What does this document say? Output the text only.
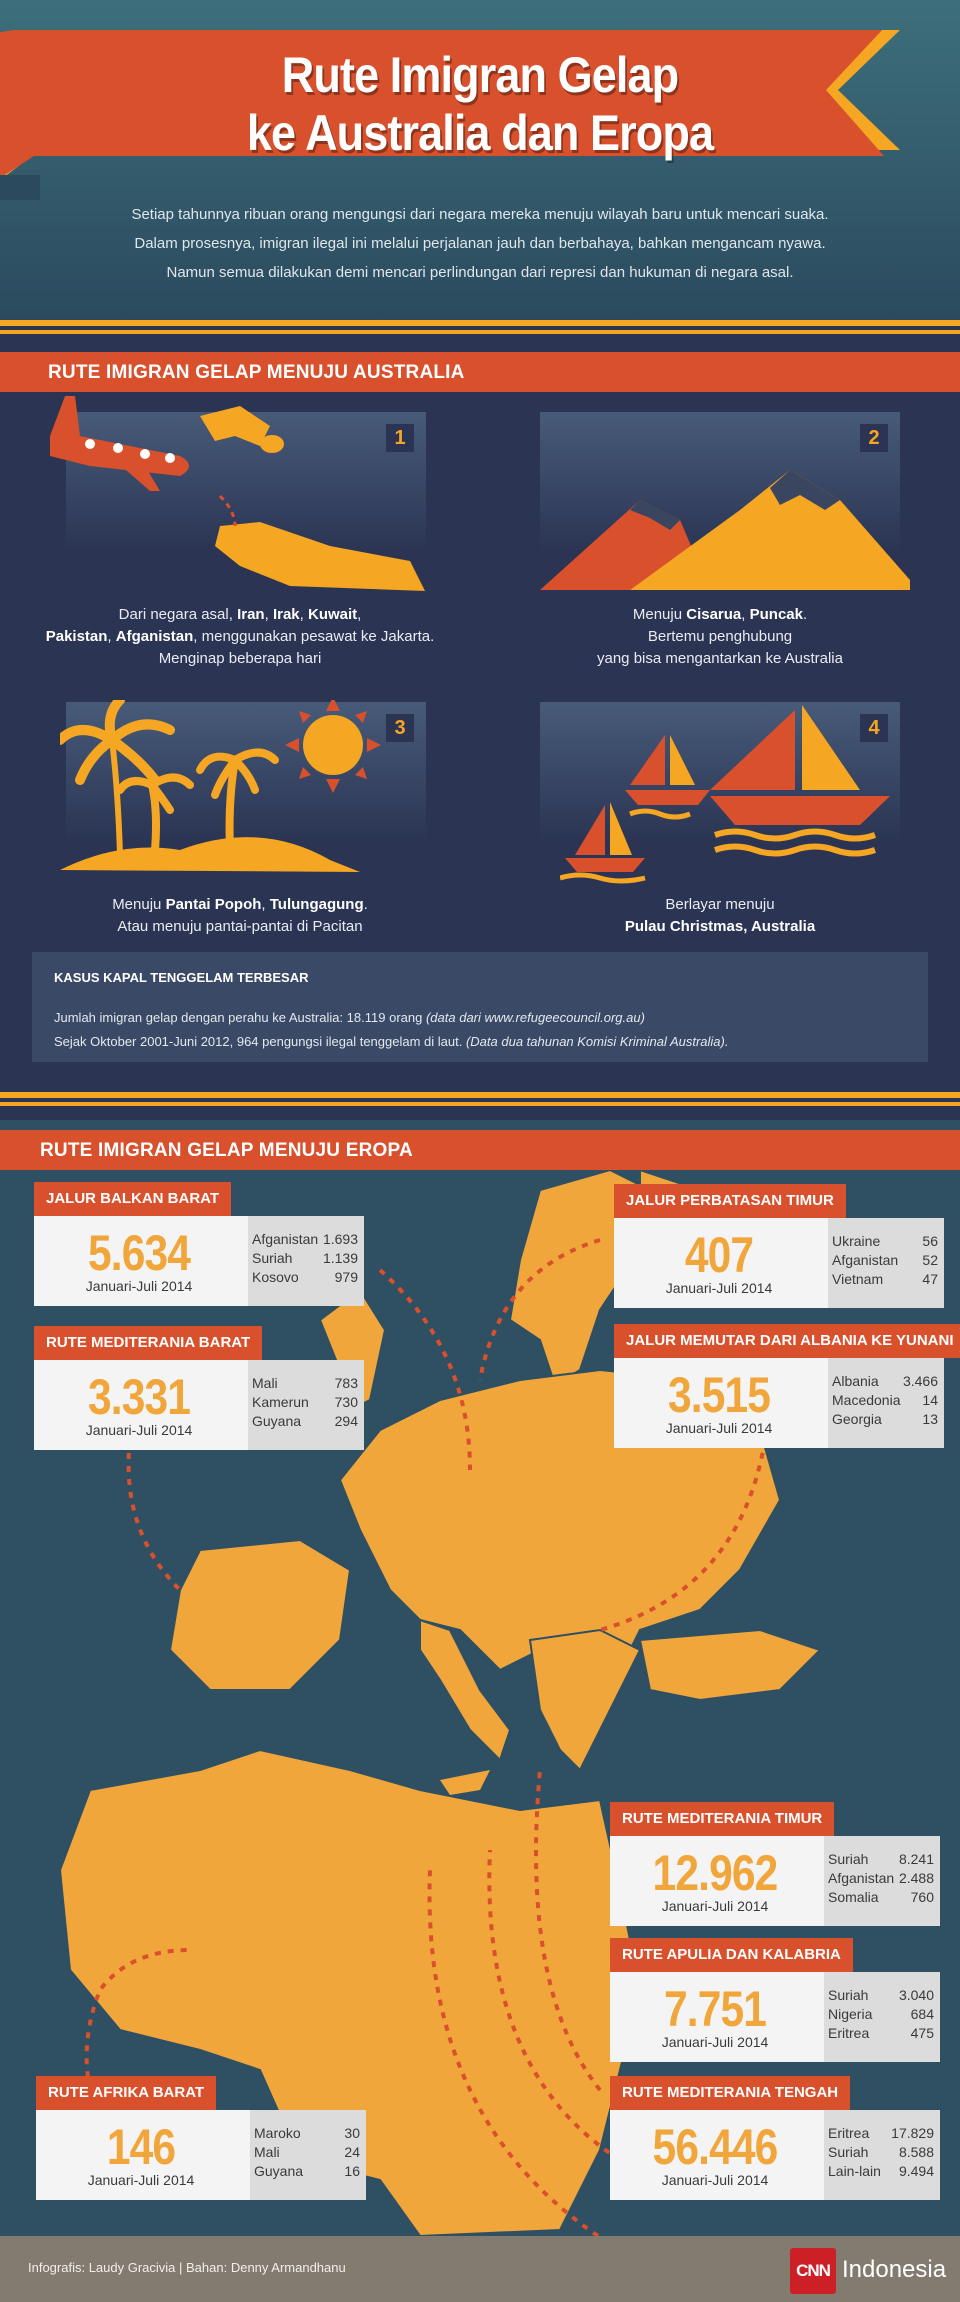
Rute Imigran Gelap
ke Australia dan Eropa
Setiap tahunnya ribuan orang mengungsi dari negara mereka menuju wilayah baru untuk mencari suaka.
Dalam prosesnya, imigran ilegal ini melalui perjalanan jauh dan berbahaya, bahkan mengancam nyawa.
Namun semua dilakukan demi mencari perlindungan dari represi dan hukuman di negara asal.
RUTE IMIGRAN GELAP MENUJU AUSTRALIA
1
Dari negara asal, Iran, Irak, Kuwait,
Pakistan, Afganistan, menggunakan pesawat ke Jakarta.
Menginap beberapa hari
2
Menuju Cisarua, Puncak.
Bertemu penghubung
yang bisa mengantarkan ke Australia
3
Menuju Pantai Popoh, Tulungagung.
Atau menuju pantai-pantai di Pacitan
4
Berlayar menuju
Pulau Christmas, Australia
KASUS KAPAL TENGGELAM TERBESAR
Jumlah imigran gelap dengan perahu ke Australia: 18.119 orang (data dari www.refugeecouncil.org.au)
Sejak Oktober 2001-Juni 2012, 964 pengungsi ilegal tenggelam di laut. (Data dua tahunan Komisi Kriminal Australia).
RUTE IMIGRAN GELAP MENUJU EROPA
JALUR BALKAN BARAT
5.634
Januari-Juli 2014
Afganistan 1.693
Suriah 1.139
Kosovo	979
JALUR PERBATASAN TIMUR
407
Januari-Juli 2014
Ukraine	56
Afganistan 52
Vietnam	47
RUTE MEDITERANIA BARAT
3.331
Januari-Juli 2014
Mali	783
Kamerun 730
Guyana 294
JALUR MEMUTAR DARI ALBANIA KE YUNANI
3.515
Januari-Juli 2014
Albania 3.466
Macedonia 14
Georgia	13
RUTE MEDITERANIA TIMUR
12.962
Januari-Juli 2014
Suriah 8.241
Afganistan 2.488
Somalia 760
RUTE APULIA DAN KALABRIA
7.751
Januari-Juli 2014
Suriah 3.040
Nigeria	684
Eritrea	475
RUTE AFRIKA BARAT
146
Januari-Juli 2014
Maroko	30
Mali	24
Guyana	16
RUTE MEDITERANIA TENGAH
56.446
Januari-Juli 2014
Eritrea 17.829
Suriah 8.588
Lain-lain 9.494
Infografis: Laudy Gracivia | Bahan: Denny Armandhanu	CNN Indonesia
